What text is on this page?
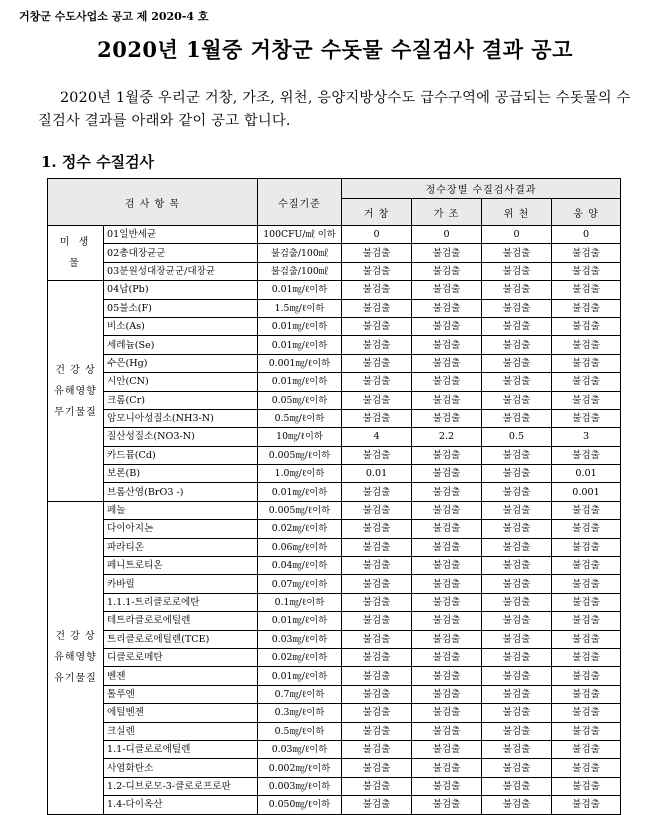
거창군 수도사업소 공고 제 2020-4 호
2020년 1월중 거창군 수돗물 수질검사 결과 공고
2020년 1월중 우리군 거창, 가조, 위천, 응양지방상수도 급수구역에 공급되는 수돗물의 수질검사 결과를 아래와 같이 공고 합니다.
1. 정수 수질검사
검 사 항 목		수질기준	정수장별 수질검사결과			
			거 창	가 조	위 천	웅 양
미 생 물	01일반세균	100CFU/㎖ 이하	0	0	0	0
	02총대장균군	불검출/100㎖	불검출	불검출	불검출	불검출
	03분원성대장균군/대장균	불검출/100㎖	불검출	불검출	불검출	불검출
건 강 상 유해영향 무기물질	04납(Pb)	0.01㎎/ℓ이하	불검출	불검출	불검출	불검출
	05불소(F)	1.5㎎/ℓ이하	불검출	불검출	불검출	불검출
	비소(As)	0.01㎎/ℓ이하	불검출	불검출	불검출	불검출
	세레늄(Se)	0.01㎎/ℓ이하	불검출	불검출	불검출	불검출
	수은(Hg)	0.001㎎/ℓ이하	불검출	불검출	불검출	불검출
	시안(CN)	0.01㎎/ℓ이하	불검출	불검출	불검출	불검출
	크롬(Cr)	0.05㎎/ℓ이하	불검출	불검출	불검출	불검출
	암모니아성질소(NH3-N)	0.5㎎/ℓ이하	불검출	불검출	불검출	불검출
	질산성질소(NO3-N)	10㎎/ℓ이하	4	2.2	0.5	3
	카드뮴(Cd)	0.005㎎/ℓ이하	불검출	불검출	불검출	불검출
	보론(B)	1.0㎎/ℓ이하	0.01	불검출	불검출	0.01
	브롬산염(BrO3 -)	0.01㎎/ℓ이하	불검출	불검출	불검출	0.001
건 강 상 유해영향 유기물질	페놀	0.005㎎/ℓ이하	불검출	불검출	불검출	불검출
	다이아지논	0.02㎎/ℓ이하	불검출	불검출	불검출	불검출
	파라티온	0.06㎎/ℓ이하	불검출	불검출	불검출	불검출
	페니트로티온	0.04㎎/ℓ이하	불검출	불검출	불검출	불검출
	카바릴	0.07㎎/ℓ이하	불검출	불검출	불검출	불검출
	1.1.1-트리클로로에탄	0.1㎎/ℓ이하	불검출	불검출	불검출	불검출
	테트라클로로에틸렌	0.01㎎/ℓ이하	불검출	불검출	불검출	불검출
	트리클로로에틸렌(TCE)	0.03㎎/ℓ이하	불검출	불검출	불검출	불검출
	디클로로메탄	0.02㎎/ℓ이하	불검출	불검출	불검출	불검출
	벤젠	0.01㎎/ℓ이하	불검출	불검출	불검출	불검출
	톨루엔	0.7㎎/ℓ이하	불검출	불검출	불검출	불검출
	에틸벤젠	0.3㎎/ℓ이하	불검출	불검출	불검출	불검출
	크실렌	0.5㎎/ℓ이하	불검출	불검출	불검출	불검출
	1.1-디클로로에틸렌	0.03㎎/ℓ이하	불검출	불검출	불검출	불검출
	사염화탄소	0.002㎎/ℓ이하	불검출	불검출	불검출	불검출
	1.2-디브로모-3-클로로프로판	0.003㎎/ℓ이하	불검출	불검출	불검출	불검출
	1.4-다이옥산	0.050㎎/ℓ이하	불검출	불검출	불검출	불검출
